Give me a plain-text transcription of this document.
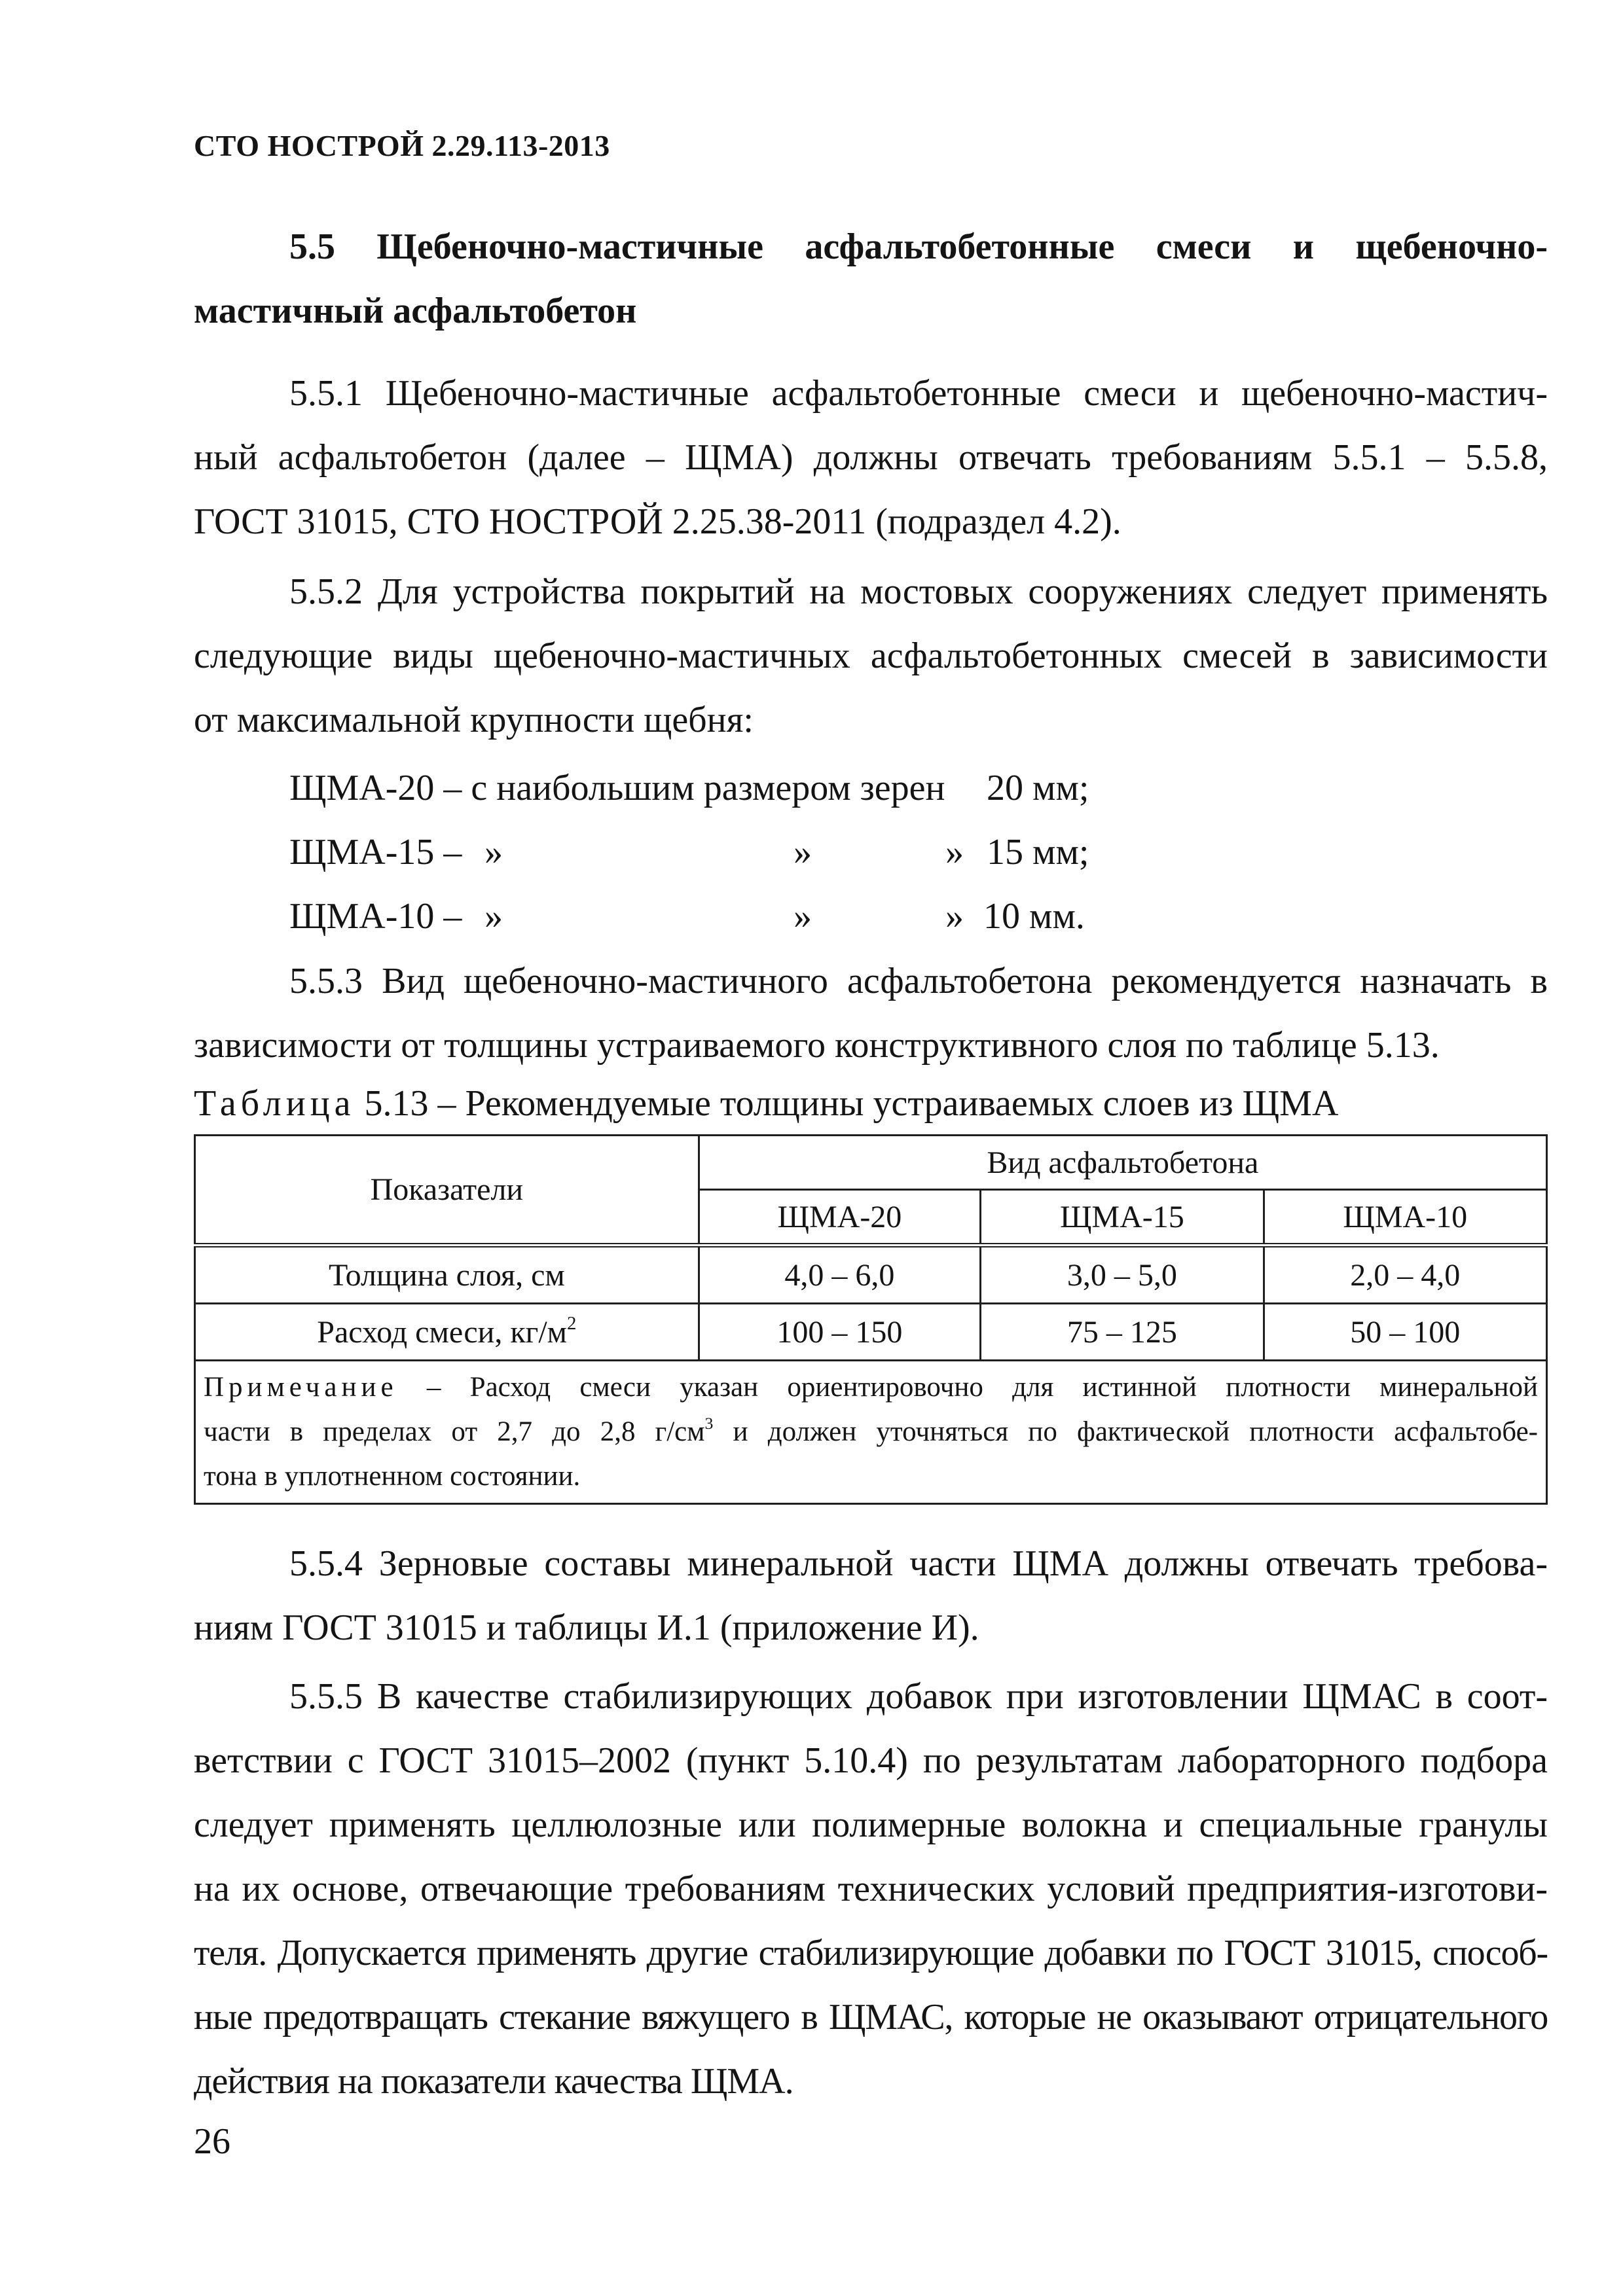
СТО НОСТРОЙ 2.29.113-2013
5.5 Щебеночно-мастичные асфальтобетонные смеси и щебеночно-
мастичный асфальтобетон
5.5.1 Щебеночно-мастичные асфальтобетонные смеси и щебеночно-мастич-
ный асфальтобетон (далее – ЩМА) должны отвечать требованиям 5.5.1 – 5.5.8,
ГОСТ 31015, СТО НОСТРОЙ 2.25.38-2011 (подраздел 4.2).
5.5.2 Для устройства покрытий на мостовых сооружениях следует применять
следующие виды щебеночно-мастичных асфальтобетонных смесей в зависимости
от максимальной крупности щебня:
ЩМА-20 – с наибольшим размером зерен 20 мм;
ЩМА-15 – »	»	» 15 мм;
ЩМА-10 – »	»	» 10 мм.
5.5.3 Вид щебеночно-мастичного асфальтобетона рекомендуется назначать в
зависимости от толщины устраиваемого конструктивного слоя по таблице 5.13.
Таблица 5.13 – Рекомендуемые толщины устраиваемых слоев из ЩМА
Показатели	Вид асфальтобетона		
	ЩМА-20	ЩМА-15	ЩМА-10
Толщина слоя, см	4,0 – 6,0	3,0 – 5,0	2,0 – 4,0
Расход смеси, $кг/м^2$	100 – 150	75 – 125	50 – 100

Примечание – Расход смеси указан ориентировочно для истинной плотности минеральной
части в пределах от 2,7 до 2,8 $г/см^3$ и должен уточняться по фактической плотности асфальтобе-
тона в уплотненном состоянии.			
5.5.4 Зерновые составы минеральной части ЩМА должны отвечать требова-
ниям ГОСТ 31015 и таблицы И.1 (приложение И).
5.5.5 В качестве стабилизирующих добавок при изготовлении ЩМАС в соот-
ветствии с ГОСТ 31015–2002 (пункт 5.10.4) по результатам лабораторного подбора
следует применять целлюлозные или полимерные волокна и специальные гранулы
на их основе, отвечающие требованиям технических условий предприятия-изготови-
теля. Допускается применять другие стабилизирующие добавки по ГОСТ 31015, способ-
ные предотвращать стекание вяжущего в ЩМАС, которые не оказывают отрицательного
действия на показатели качества ЩМА.
26
